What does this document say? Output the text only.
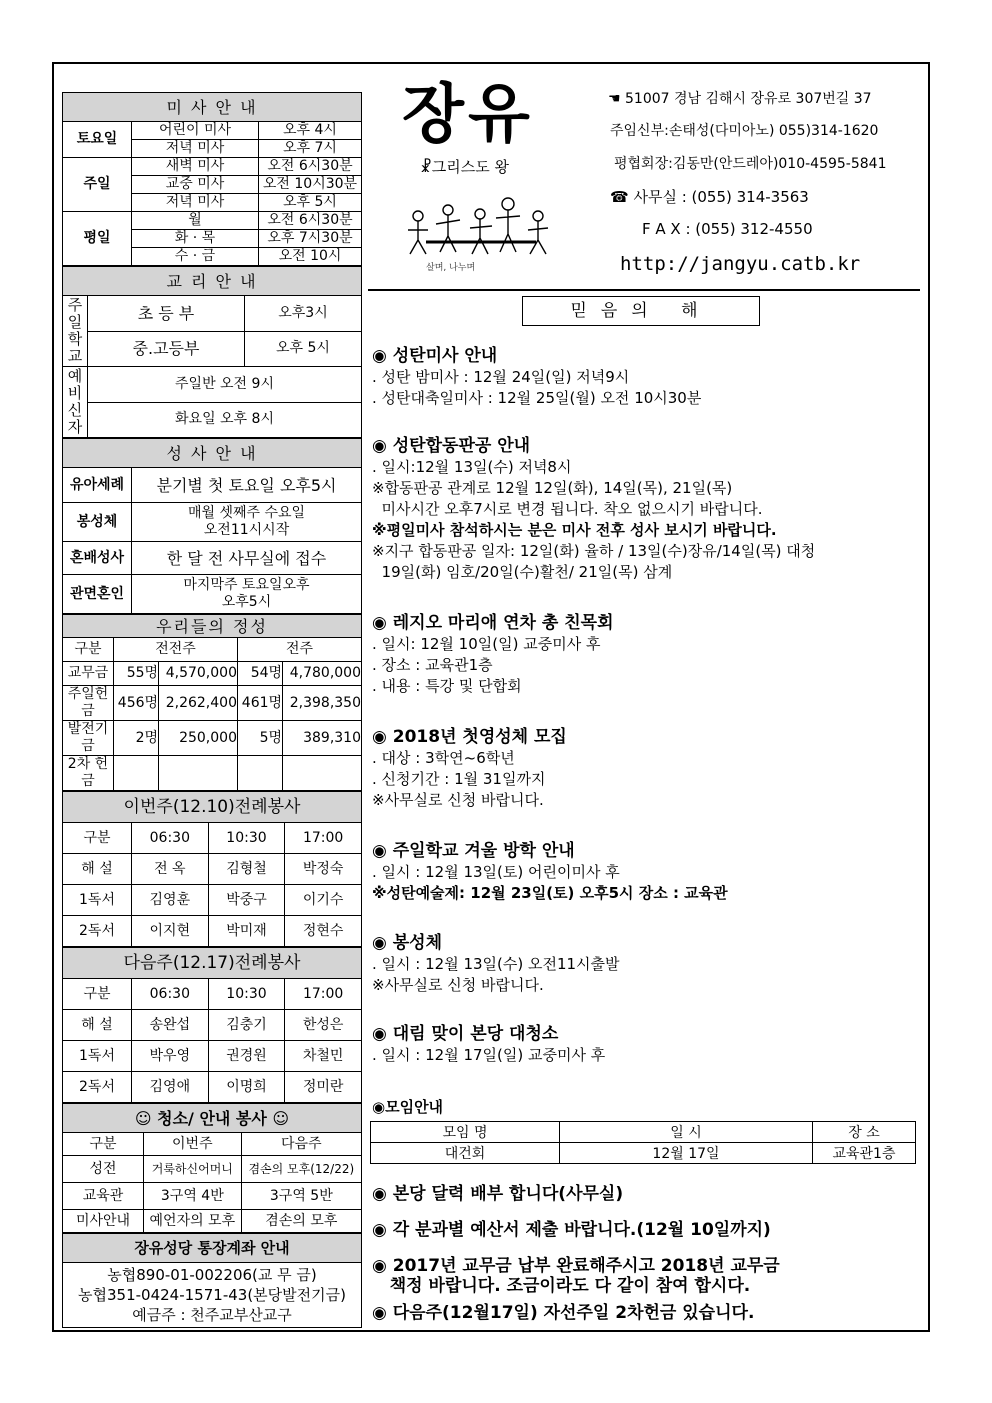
미 사 안 내		
토요일	어린이 미사	오후 4시
	저녁 미사	오후 7시
주일	새벽 미사	오전 6시30분
	교중 미사	오전 10시30분
	저녁 미사	오후 5시
평일	월	오전 6시30분
	화 · 목	오후 7시30분
	수 · 금	오전 10시
교 리 안 내		
주일학교	초 등 부	오후3시
	중.고등부	오후 5시
예비신자	주일반 오전 9시	
	화요일 오후 8시	
성 사 안 내	
유아세례	분기별 첫 토요일 오후5시
봉성체	매월 셋째주 수요일
오전11시시작
혼배성사	한 달 전 사무실에 접수
관면혼인	마지막주 토요일오후
오후5시
우리들의 정성				
구분	전전주		전주	
교무금	55명	4,570,000	54명	4,780,000
주일헌금	456명	2,262,400	461명	2,398,350
발전기금	2명	250,000	5명	389,310
2차 헌금				
이번주(12.10)전례봉사			
구분	06:30	10:30	17:00
해 설	전 옥	김형철	박정숙
1독서	김영훈	박중구	이기수
2독서	이지현	박미재	정현수
다음주(12.17)전례봉사			
구분	06:30	10:30	17:00
해 설	송완섭	김충기	한성은
1독서	박우영	권경원	차철민
2독서	김영애	이명희	정미란
☺ 청소/ 안내 봉사 ☺		
구분	이번주	다음주
성전	거룩하신어머니	겸손의 모후(12/22)
교육관	3구역 4반	3구역 5반
미사안내	예언자의 모후	겸손의 모후
장유성당 통장계좌 안내

농협890-01-002206(교 무 금)
농협351-0424-1571-43(본당발전기금)
예금주 : 천주교부산교구
장유
☧그리스도 왕
살며, 나누며
☚ 51007 경남 김해시 장유로 307번길 37
주임신부:손태성(다미아노) 055)314-1620
평협회장:김동만(안드레아)010-4595-5841
☎ 사무실 : (055) 314-3563
F A X : (055) 312-4550
http://jangyu.catb.kr
믿음의 해
◉ 성탄미사 안내

. 성탄 밤미사 : 12월 24일(일) 저녁9시

. 성탄대축일미사 : 12월 25일(월) 오전 10시30분

◉ 성탄합동판공 안내

. 일시:12월 13일(수) 저녁8시

※합동판공 관계로 12월 12일(화), 14일(목), 21일(목)

미사시간 오후7시로 변경 됩니다. 착오 없으시기 바랍니다.

※평일미사 참석하시는 분은 미사 전후 성사 보시기 바랍니다.

※지구 합동판공 일자: 12일(화) 율하 / 13일(수)장유/14일(목) 대청

19일(화) 임호/20일(수)활천/ 21일(목) 삼계

◉ 레지오 마리애 연차 총 친목회

. 일시: 12월 10일(일) 교중미사 후

. 장소 : 교육관1층

. 내용 : 특강 및 단합회

◉ 2018년 첫영성체 모집

. 대상 : 3학연~6학년

. 신청기간 : 1월 31일까지

※사무실로 신청 바랍니다.

◉ 주일학교 겨울 방학 안내

. 일시 : 12월 13일(토) 어린이미사 후

※성탄예술제: 12월 23일(토) 오후5시 장소 : 교육관

◉ 봉성체

. 일시 : 12월 13일(수) 오전11시출발

※사무실로 신청 바랍니다.

◉ 대림 맞이 본당 대청소

. 일시 : 12월 17일(일) 교중미사 후

◉모임안내
모임 명	일 시	장 소
대건회	12월 17일	교육관1층
◉ 본당 달력 배부 합니다(사무실)
◉ 각 분과별 예산서 제출 바랍니다.(12월 10일까지)
◉ 2017년 교무금 납부 완료해주시고 2018년 교무금
책정 바랍니다. 조금이라도 다 같이 참여 합시다.
◉ 다음주(12월17일) 자선주일 2차헌금 있습니다.
